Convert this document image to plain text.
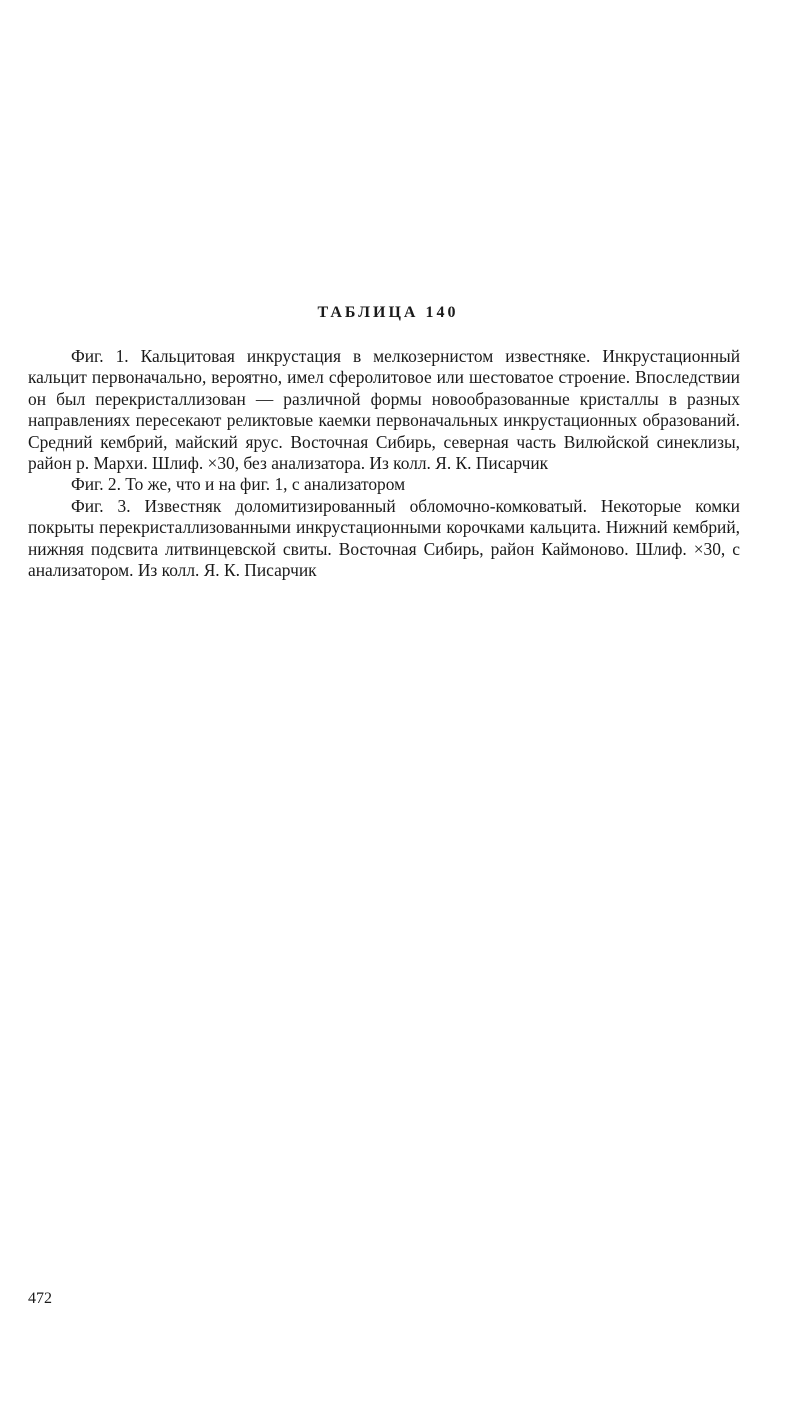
ТАБЛИЦА 140

Фиг. 1. Кальцитовая инкрустация в мелкозернистом известняке. Инкрустационный кальцит первоначально, вероятно, имел сферолитовое или шестоватое строение. Впоследствии он был перекристаллизован — различной формы новообразованные кристаллы в разных направлениях пересекают реликтовые каемки первоначальных инкрустационных образований. Средний кембрий, майский ярус. Восточная Сибирь, северная часть Вилюйской синеклизы, район р. Мархи. Шлиф. ×30, без анализатора. Из колл. Я. К. Писарчик

Фиг. 2. То же, что и на фиг. 1, с анализатором

Фиг. 3. Известняк доломитизированный обломочно-комковатый. Некоторые комки покрыты перекристаллизованными инкрустационными корочками кальцита. Нижний кембрий, нижняя подсвита литвинцевской свиты. Восточная Сибирь, район Каймоново. Шлиф. ×30, с анализатором. Из колл. Я. К. Писарчик

472
